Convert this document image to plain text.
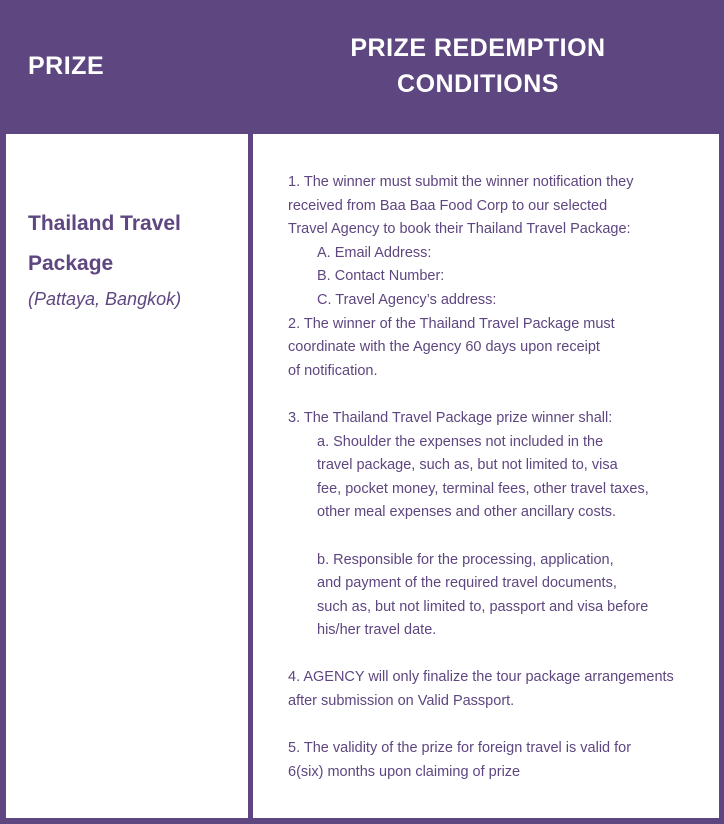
PRIZE
PRIZE REDEMPTION
CONDITIONS
Thailand Travel
Package
(Pattaya, Bangkok)
1. The winner must submit the winner notification they
received from Baa Baa Food Corp to our selected
Travel Agency to book their Thailand Travel Package:
A. Email Address:
B. Contact Number:
C. Travel Agency’s address:
2. The winner of the Thailand Travel Package must
coordinate with the Agency 60 days upon receipt
of notification.
3. The Thailand Travel Package prize winner shall:
a. Shoulder the expenses not included in the
travel package, such as, but not limited to, visa
fee, pocket money, terminal fees, other travel taxes,
other meal expenses and other ancillary costs.
b. Responsible for the processing, application,
and payment of the required travel documents,
such as, but not limited to, passport and visa before
his/her travel date.
4. AGENCY will only finalize the tour package arrangements
after submission on Valid Passport.
5. The validity of the prize for foreign travel is valid for
6(six) months upon claiming of prize
